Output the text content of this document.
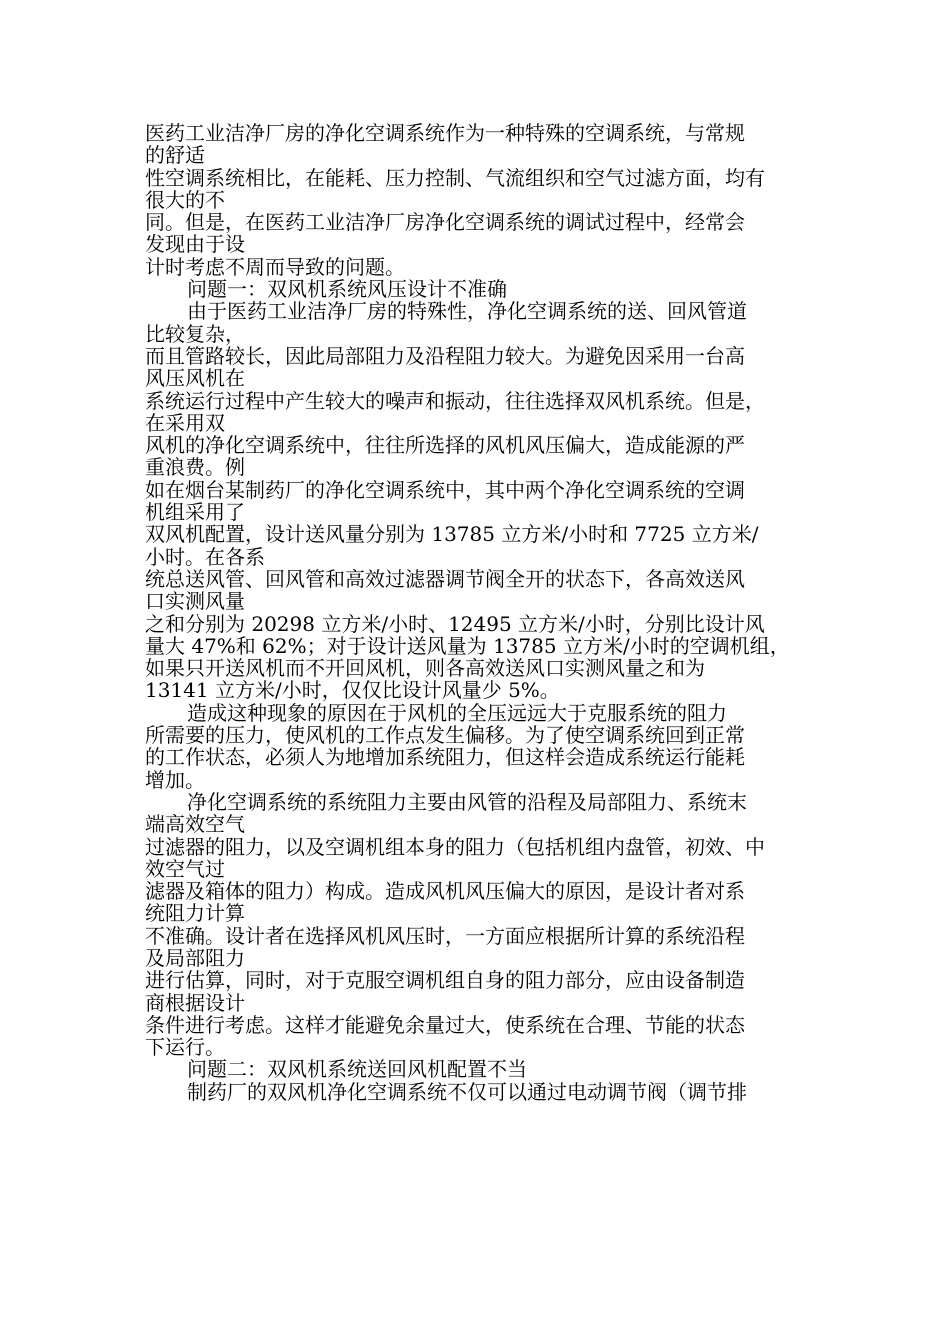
医药工业洁净厂房的净化空调系统作为一种特殊的空调系统，与常规
的舒适
性空调系统相比，在能耗、压力控制、气流组织和空气过滤方面，均有
很大的不
同。但是，在医药工业洁净厂房净化空调系统的调试过程中，经常会
发现由于设
计时考虑不周而导致的问题。
问题一：双风机系统风压设计不准确
由于医药工业洁净厂房的特殊性，净化空调系统的送、回风管道
比较复杂，
而且管路较长，因此局部阻力及沿程阻力较大。为避免因采用一台高
风压风机在
系统运行过程中产生较大的噪声和振动，往往选择双风机系统。但是，
在采用双
风机的净化空调系统中，往往所选择的风机风压偏大，造成能源的严
重浪费。例
如在烟台某制药厂的净化空调系统中，其中两个净化空调系统的空调
机组采用了
双风机配置，设计送风量分别为 13785 立方米/小时和 7725 立方米/
小时。在各系
统总送风管、回风管和高效过滤器调节阀全开的状态下，各高效送风
口实测风量
之和分别为 20298 立方米/小时、12495 立方米/小时，分别比设计风
量大 47%和 62%；对于设计送风量为 13785 立方米/小时的空调机组，
如果只开送风机而不开回风机，则各高效送风口实测风量之和为
13141 立方米/小时，仅仅比设计风量少 5%。
造成这种现象的原因在于风机的全压远远大于克服系统的阻力
所需要的压力，使风机的工作点发生偏移。为了使空调系统回到正常
的工作状态，必须人为地增加系统阻力，但这样会造成系统运行能耗
增加。
净化空调系统的系统阻力主要由风管的沿程及局部阻力、系统末
端高效空气
过滤器的阻力，以及空调机组本身的阻力（包括机组内盘管，初效、中
效空气过
滤器及箱体的阻力）构成。造成风机风压偏大的原因，是设计者对系
统阻力计算
不准确。设计者在选择风机风压时，一方面应根据所计算的系统沿程
及局部阻力
进行估算，同时，对于克服空调机组自身的阻力部分，应由设备制造
商根据设计
条件进行考虑。这样才能避免余量过大，使系统在合理、节能的状态
下运行。
问题二：双风机系统送回风机配置不当
制药厂的双风机净化空调系统不仅可以通过电动调节阀（调节排
